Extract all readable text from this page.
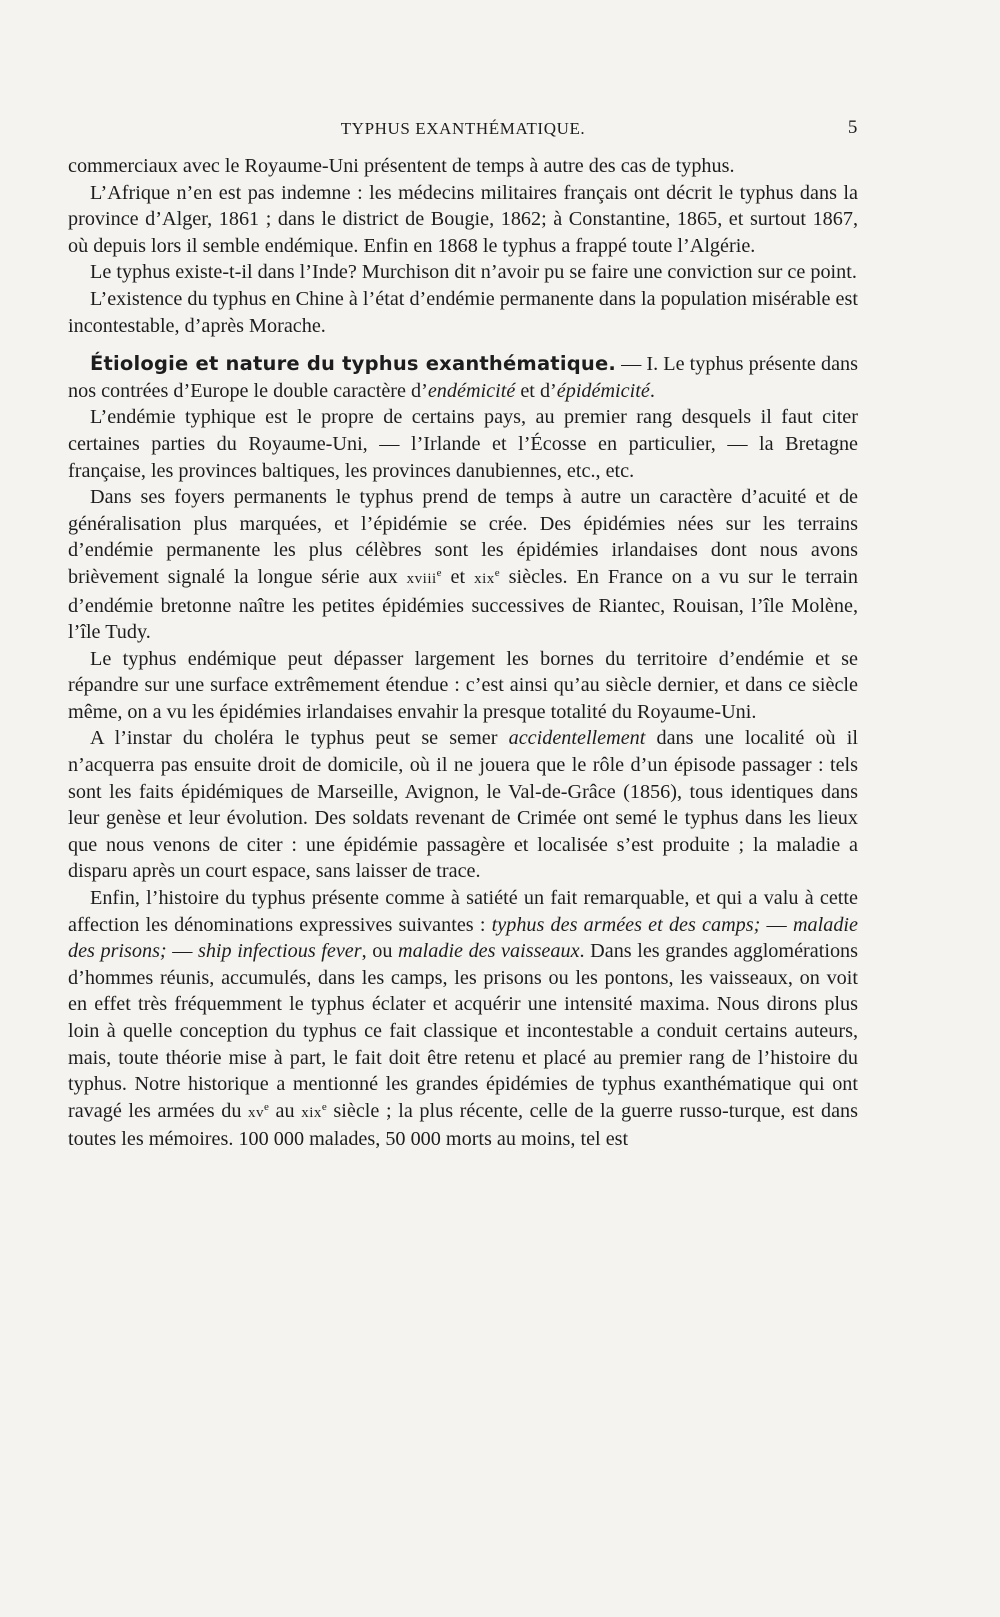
TYPHUS EXANTHÉMATIQUE.	5

commerciaux avec le Royaume-Uni présentent de temps à autre des cas de typhus.

L’Afrique n’en est pas indemne : les médecins militaires français ont décrit le typhus dans la province d’Alger, 1861 ; dans le district de Bougie, 1862; à Constantine, 1865, et surtout 1867, où depuis lors il semble endémique. Enfin en 1868 le typhus a frappé toute l’Algérie.

Le typhus existe-t-il dans l’Inde? Murchison dit n’avoir pu se faire une conviction sur ce point.

L’existence du typhus en Chine à l’état d’endémie permanente dans la population misérable est incontestable, d’après Morache.

Étiologie et nature du typhus exanthématique. — I. Le typhus présente dans nos contrées d’Europe le double caractère d’endémicité et d’épidémicité.

L’endémie typhique est le propre de certains pays, au premier rang desquels il faut citer certaines parties du Royaume-Uni, — l’Irlande et l’Écosse en particulier, — la Bretagne française, les provinces baltiques, les provinces danubiennes, etc., etc.

Dans ses foyers permanents le typhus prend de temps à autre un caractère d’acuité et de généralisation plus marquées, et l’épidémie se crée. Des épidémies nées sur les terrains d’endémie permanente les plus célèbres sont les épidémies irlandaises dont nous avons brièvement signalé la longue série aux xviii$^e$ et xix$^e$ siècles. En France on a vu sur le terrain d’endémie bretonne naître les petites épidémies successives de Riantec, Rouisan, l’île Molène, l’île Tudy.

Le typhus endémique peut dépasser largement les bornes du territoire d’endémie et se répandre sur une surface extrêmement étendue : c’est ainsi qu’au siècle dernier, et dans ce siècle même, on a vu les épidémies irlandaises envahir la presque totalité du Royaume-Uni.

A l’instar du choléra le typhus peut se semer accidentellement dans une localité où il n’acquerra pas ensuite droit de domicile, où il ne jouera que le rôle d’un épisode passager : tels sont les faits épidémiques de Marseille, Avignon, le Val-de-Grâce (1856), tous identiques dans leur genèse et leur évolution. Des soldats revenant de Crimée ont semé le typhus dans les lieux que nous venons de citer : une épidémie passagère et localisée s’est produite ; la maladie a disparu après un court espace, sans laisser de trace.

Enfin, l’histoire du typhus présente comme à satiété un fait remarquable, et qui a valu à cette affection les dénominations expressives suivantes : typhus des armées et des camps; — maladie des prisons; — ship infectious fever, ou maladie des vaisseaux. Dans les grandes agglomérations d’hommes réunis, accumulés, dans les camps, les prisons ou les pontons, les vaisseaux, on voit en effet très fréquemment le typhus éclater et acquérir une intensité maxima. Nous dirons plus loin à quelle conception du typhus ce fait classique et incontestable a conduit certains auteurs, mais, toute théorie mise à part, le fait doit être retenu et placé au premier rang de l’histoire du typhus. Notre historique a mentionné les grandes épidémies de typhus exanthématique qui ont ravagé les armées du $xv^e$ au xix$^e$ siècle ; la plus récente, celle de la guerre russo-turque, est dans toutes les mémoires. 100 000 malades, 50 000 morts au moins, tel est
